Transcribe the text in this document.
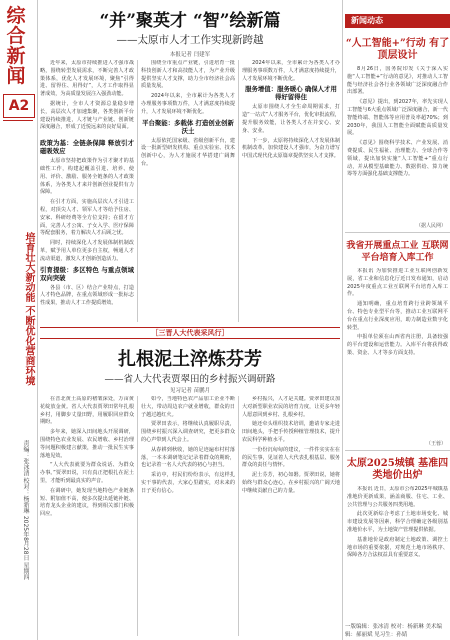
综合新闻
A2
培育壮大新动能 不断优化营商环境
责编：张冰清 校对：杨新琳 2025年8月28日 星期四
“并”聚英才 “智”绘新篇
——太原市人才工作实现新跨越
本报记者 闫建军

近年来，太原市持续推进人才强市战略，围绕转型发展需求，不断完善人才政策体系，优化人才发展环境，聚焦“引得进、留得住、用得好”，人才工作取得显著成效，为高质量发展注入强劲动能。

据统计，全市人才资源总量稳步增长，高层次人才加速集聚，各类创新平台建设持续推进，人才链与产业链、创新链深度融合，形成了近悦远来的良好局面。

政策为基：全链条保障 释放引才磁吸效应

太原市坚持把政策作为引才聚才的基础性工作，构建起覆盖引进、培养、使用、评价、激励、服务全链条的人才政策体系，为各类人才来并创新创业提供有力保障。

在引才方面，实施高层次人才引进工程，对顶尖人才、领军人才等给予住房、安家、科研经费等全方位支持；在留才方面，完善人才公寓、子女入学、医疗保障等配套服务，着力解决人才后顾之忧。

同时，持续深化人才发展体制机制改革，赋予用人单位更多自主权，畅通人才流动渠道，激发人才创新创造活力。

引育提级：多区特色 与重点领域双向突破

各县（市、区）结合产业特点，打造人才特色品牌，在重点领域形成一批标志性成果，推动人才工作提质增效。

围绕全市重点产业链，引进培育一批科技创新人才和高技能人才，为产业升级提供坚实人才支撑，助力全市经济社会高质量发展。

2024年以来，全市累计为各类人才办理服务事项数万件，人才满意度持续提升，人才发展环境不断优化。

平台聚能：多载体 打造创业创新沃土

太原依托国家级、省级创新平台，建设一批新型研发机构、重点实验室、技术创新中心，为人才施展才华搭建广阔舞台。

2024年以来，全市累计为各类人才办理服务事项数万件，人才满意度持续提升，人才发展环境不断优化。

服务增值：服务暖心 确保人才用得好留得住

太原市围绕人才全生命周期需求，打造“一站式”人才服务平台，优化审批流程，提升服务效能，让各类人才在并安心、安身、安业。

下一步，太原将持续深化人才发展体制机制改革，加快建设人才强市，为奋力谱写中国式现代化太原篇章提供坚实人才支撑。

［三晋人大代表采风行］
扎根泥土淬炼芬芳
——省人大代表贾翠田的乡村振兴调研路
见习记者 苗鹏月

在晋北黄土高原的褶皱深处，万亩黄花绽放金黄。省人大代表贾翠田常年扎根乡村，用脚步丈量田野，用履职回应群众期盼。

多年来，她深入田间地头开展调研，围绕特色农业发展、农民增收、乡村治理等问题积极建言献策，推动一批民生实事落地见效。

“人大代表就要为群众说话、为群众办事。”贾翠田说，只有真正把根扎在泥土里，才能听到最真实的声音。

在调研中，她发现当地特色产业链条短、附加值不高，便多次提出延链补链、培育龙头企业的建议，得到相关部门积极回应。

如今，当地特色农产品加工企业不断壮大，带动周边农户就业增收，群众的日子越过越红火。

贾翠田表示，将继续认真履职尽责，围绕乡村振兴深入调查研究，把更多群众的心声带到人代会上。

从春耕到秋收，她的足迹遍布村村落落，一本本调研笔记记录着群众的期盼，也记录着一名人大代表的初心与担当。

采访中，村民们纷纷表示，有这样扎实干事的代表，大家心里踏实，对未来的日子更有信心。

乡村振兴，人才是关键。贾翠田建议加大对新型职业农民的培育力度，让更多年轻人愿意回到乡村、扎根乡村。

她还牵头组织技术培训，邀请专家走进田间地头，手把手传授种植管理技术，提升农民科学种植水平。

一份份沉甸甸的建议，一件件实实在在的民生事，见证着人大代表扎根基层、服务群众的责任与情怀。

泥土芬芳，初心如磐。贾翠田说，她将始终与群众心连心，在乡村振兴的广阔天地中继续贡献自己的力量。

新闻动态
“人工智能+”行动 有了顶层设计

8月26日，国务院印发《关于深入实施“人工智能+”行动的意见》，对推动人工智能与经济社会各行业各领域广泛深度融合作出部署。

《意见》提出，到2027年，率先实现人工智能与6大重点领域广泛深度融合，新一代智能终端、智能体等应用普及率超70%；到2030年，我国人工智能全面赋能高质量发展。

《意见》围绕科学技术、产业发展、消费提质、民生福祉、治理能力、全球合作等领域，提出加快实施“人工智能+”重点行动，并从模型基础能力、数据供给、算力统筹等方面强化基础支撑能力。

（据人民网）
我省开展重点工业 互联网平台培育入库工作

本报讯 为加快推进工业互联网创新发展，省工业和信息化厅近日发布通知，启动2025年度重点工业互联网平台培育入库工作。

通知明确，重点培育跨行业跨领域平台、特色专业型平台等，推动工业互联网平台在重点行业深度应用，助力制造业数字化转型。

申报单位须在山西省内注册，具备较强的平台建设和运营能力。入库平台将获得政策、资金、人才等多方面支持。

（王蓉）
太原2025城镇 基准四类地价出炉

本报讯 近日，太原市公布2025年城镇基准地价更新成果，涵盖商服、住宅、工业、公共管理与公共服务四类用地。

此次更新综合考虑了土地市场变化、城市建设发展等因素，科学合理确定各级别基准地价水平，为土地资产管理提供依据。

基准地价是政府制定土地政策、调控土地市场的重要依据，对规范土地市场秩序、保障各方合法权益具有重要意义。

一版编辑：张冰清 校对：杨新琳 美术编辑：郝丽斌 见习生：孙婧
